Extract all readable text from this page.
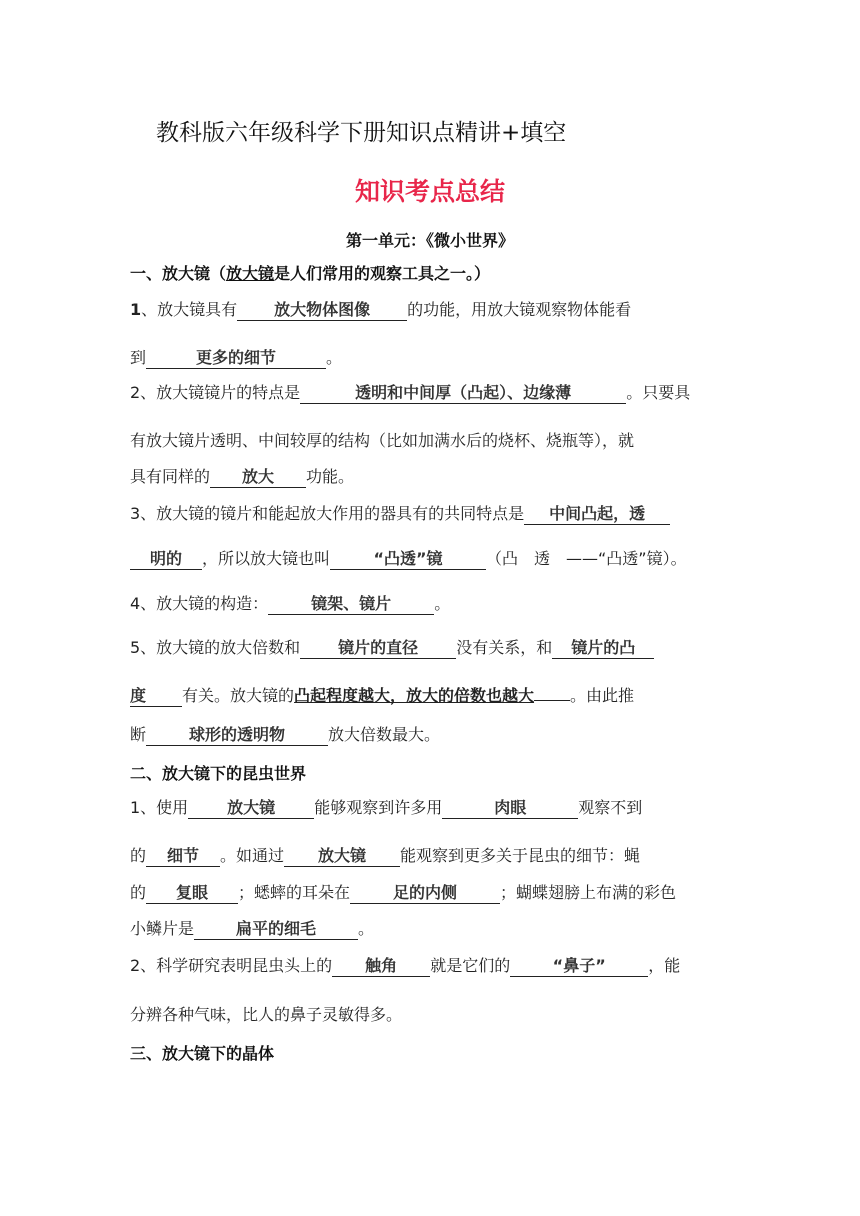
教科版六年级科学下册知识点精讲+填空
知识考点总结
第一单元：《微小世界》
一、放大镜（放大镜是人们常用的观察工具之一。）
1、放大镜具有 放大物体图像 的功能，用放大镜观察物体能看
到	更多的细节	。
2、放大镜镜片的特点是	透明和中间厚（凸起）、边缘薄	。只要具
有放大镜片透明、中间较厚的结构（比如加满水后的烧杯、烧瓶等），就
具有同样的 放大 功能。
3、放大镜的镜片和能起放大作用的器具有的共同特点是 中间凸起，透
明的 ，所以放大镜也叫	“凸透”镜	（凸　透　——“凸透”镜）。
4、放大镜的构造：	镜架、镜片	。
5、放大镜的放大倍数和 镜片的直径 没有关系，和 镜片的凸
度 有关。放大镜的凸起程度越大，放大的倍数也越大 。由此推
断	球形的透明物	放大倍数最大。
二、放大镜下的昆虫世界
1、使用 放大镜 能够观察到许多用	肉眼	观察不到
的 细节 。如通过 放大镜 能观察到更多关于昆虫的细节：蝇
的 复眼 ；蟋蟀的耳朵在	足的内侧	；蝴蝶翅膀上布满的彩色
小鳞片是	扁平的细毛	。
2、科学研究表明昆虫头上的 触角 就是它们的	“鼻子”	，能
分辨各种气味，比人的鼻子灵敏得多。
三、放大镜下的晶体
